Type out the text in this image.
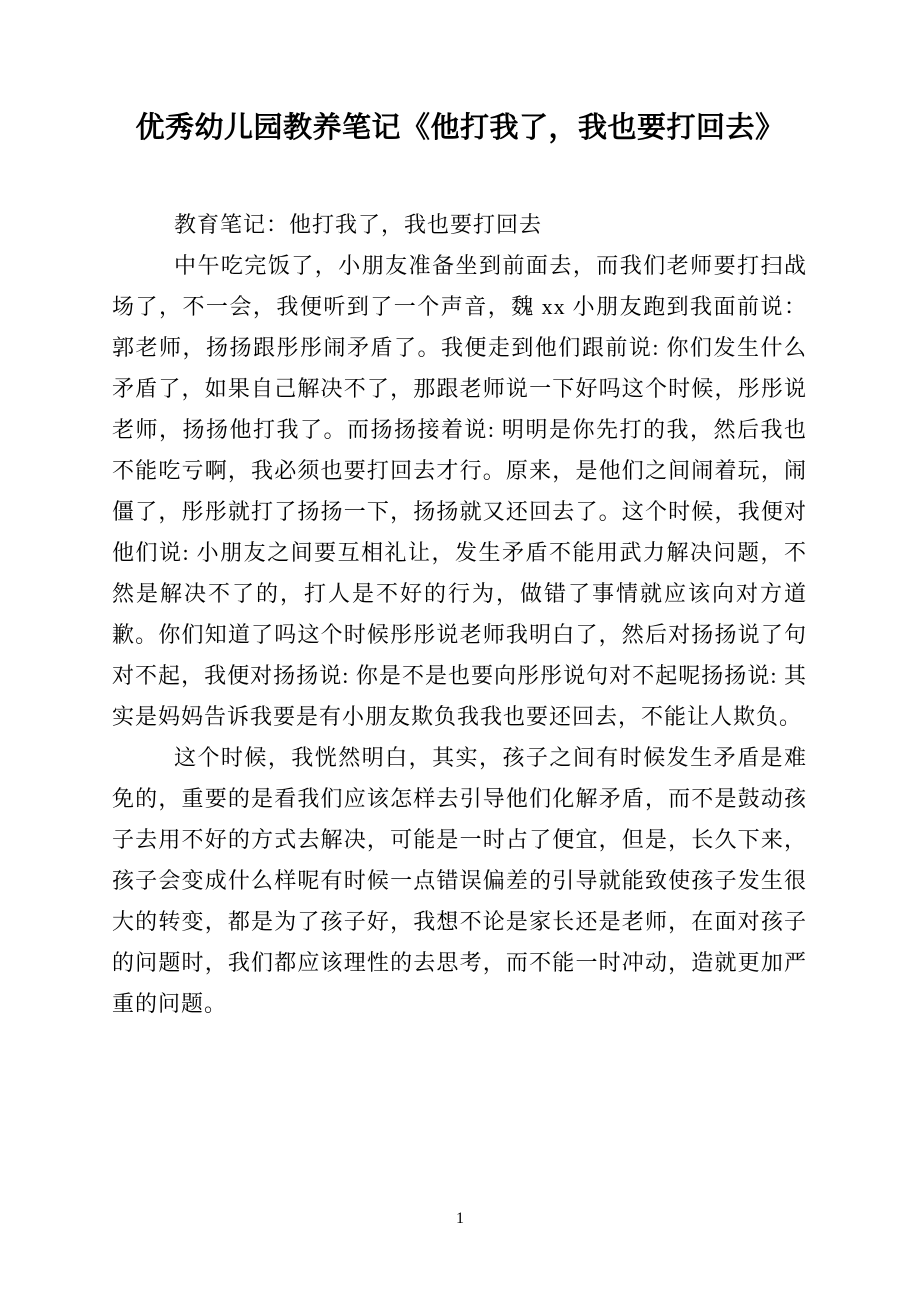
优秀幼儿园教养笔记《他打我了，我也要打回去》

教育笔记：他打我了，我也要打回去

中午吃完饭了，小朋友准备坐到前面去，而我们老师要打扫战场了，不一会，我便听到了一个声音，魏 xx 小朋友跑到我面前说：郭老师，扬扬跟彤彤闹矛盾了。我便走到他们跟前说: 你们发生什么矛盾了，如果自己解决不了，那跟老师说一下好吗这个时候，彤彤说老师，扬扬他打我了。而扬扬接着说: 明明是你先打的我，然后我也不能吃亏啊，我必须也要打回去才行。原来，是他们之间闹着玩，闹僵了，彤彤就打了扬扬一下，扬扬就又还回去了。这个时候，我便对他们说: 小朋友之间要互相礼让，发生矛盾不能用武力解决问题，不然是解决不了的，打人是不好的行为，做错了事情就应该向对方道歉。你们知道了吗这个时候彤彤说老师我明白了，然后对扬扬说了句对不起，我便对扬扬说: 你是不是也要向彤彤说句对不起呢扬扬说: 其实是妈妈告诉我要是有小朋友欺负我我也要还回去，不能让人欺负。

这个时候，我恍然明白，其实，孩子之间有时候发生矛盾是难免的，重要的是看我们应该怎样去引导他们化解矛盾，而不是鼓动孩子去用不好的方式去解决，可能是一时占了便宜，但是，长久下来，孩子会变成什么样呢有时候一点错误偏差的引导就能致使孩子发生很大的转变，都是为了孩子好，我想不论是家长还是老师，在面对孩子的问题时，我们都应该理性的去思考，而不能一时冲动，造就更加严重的问题。

1
